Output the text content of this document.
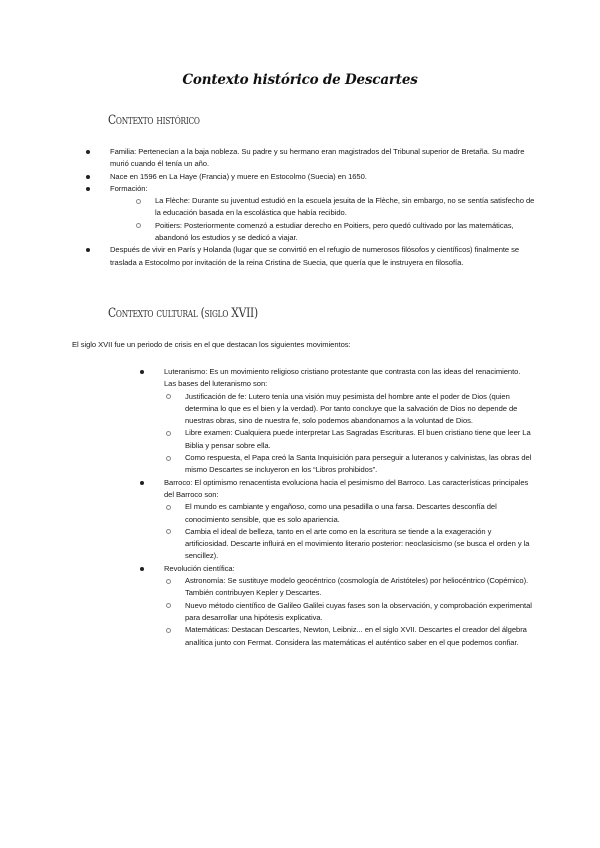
Contexto histórico de Descartes
Contexto histórico
Familia: Pertenecían a la baja nobleza. Su padre y su hermano eran magistrados del Tribunal superior de Bretaña. Su madre murió cuando él tenía un año.
Nace en 1596 en La Haye (Francia) y muere en Estocolmo (Suecia) en 1650.
Formación:
La Flèche: Durante su juventud estudió en la escuela jesuita de la Flèche, sin embargo, no se sentía satisfecho de la educación basada en la escolástica que había recibido.
Poitiers: Posteriormente comenzó a estudiar derecho en Poitiers, pero quedó cultivado por las matemáticas, abandonó los estudios y se dedicó a viajar.
Después de vivir en París y Holanda (lugar que se convirtió en el refugio de numerosos filósofos y científicos) finalmente se traslada a Estocolmo por invitación de la reina Cristina de Suecia, que quería que le instruyera en filosofía.
Contexto cultural (siglo XVII)
El siglo XVII fue un periodo de crisis en el que destacan los siguientes movimientos:
Luteranismo: Es un movimiento religioso cristiano protestante que contrasta con las ideas del renacimiento. Las bases del luteranismo son:
Justificación de fe: Lutero tenía una visión muy pesimista del hombre ante el poder de Dios (quien determina lo que es el bien y la verdad). Por tanto concluye que la salvación de Dios no depende de nuestras obras, sino de nuestra fe, solo podemos abandonarnos a la voluntad de Dios.
Libre examen: Cualquiera puede interpretar Las Sagradas Escrituras. El buen cristiano tiene que leer La Biblia y pensar sobre ella.
Como respuesta, el Papa creó la Santa Inquisición para perseguir a luteranos y calvinistas, las obras del mismo Descartes se incluyeron en los “Libros prohibidos”.
Barroco: El optimismo renacentista evoluciona hacia el pesimismo del Barroco. Las características principales del Barroco son:
El mundo es cambiante y engañoso, como una pesadilla o una farsa. Descartes desconfía del conocimiento sensible, que es solo apariencia.
Cambia el ideal de belleza, tanto en el arte como en la escritura se tiende a la exageración y artificiosidad. Descarte influirá en el movimiento literario posterior: neoclasicismo (se busca el orden y la sencillez).
Revolución científica:
Astronomía: Se sustituye modelo geocéntrico (cosmología de Aristóteles) por heliocéntrico (Copérnico). También contribuyen Kepler y Descartes.
Nuevo método científico de Galileo Galilei cuyas fases son la observación, y comprobación experimental para desarrollar una hipótesis explicativa.
Matemáticas: Destacan Descartes, Newton, Leibniz... en el siglo XVII. Descartes el creador del álgebra analítica junto con Fermat. Considera las matemáticas el auténtico saber en el que podemos confiar.
